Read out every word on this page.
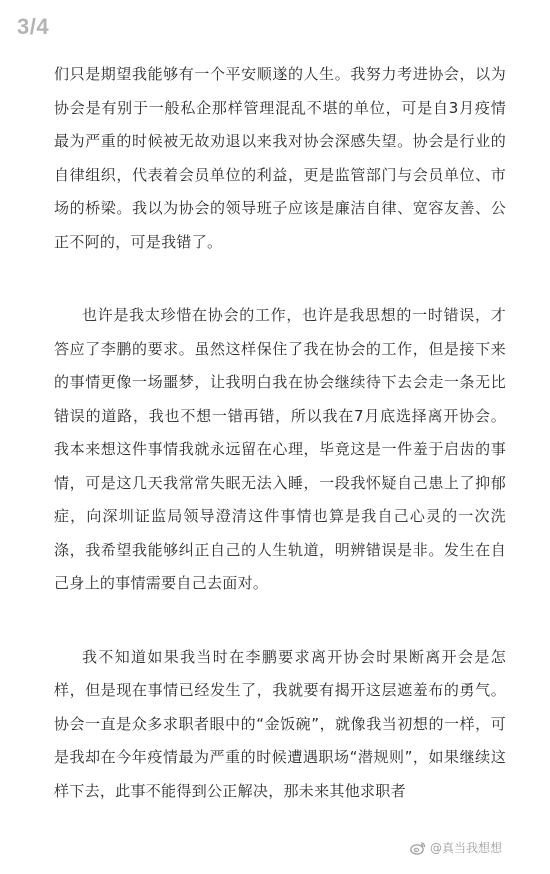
3/4

们只是期望我能够有一个平安顺遂的人生。我努力考进协会，以为协会是有别于一般私企那样管理混乱不堪的单位，可是自3月疫情最为严重的时候被无故劝退以来我对协会深感失望。协会是行业的自律组织，代表着会员单位的利益，更是监管部门与会员单位、市场的桥梁。我以为协会的领导班子应该是廉洁自律、宽容友善、公正不阿的，可是我错了。

也许是我太珍惜在协会的工作，也许是我思想的一时错误，才答应了李鹏的要求。虽然这样保住了我在协会的工作，但是接下来的事情更像一场噩梦，让我明白我在协会继续待下去会走一条无比错误的道路，我也不想一错再错，所以我在7月底选择离开协会。我本来想这件事情我就永远留在心理，毕竟这是一件羞于启齿的事情，可是这几天我常常失眠无法入睡，一段我怀疑自己患上了抑郁症，向深圳证监局领导澄清这件事情也算是我自己心灵的一次洗涤，我希望我能够纠正自己的人生轨道，明辨错误是非。发生在自己身上的事情需要自己去面对。

我不知道如果我当时在李鹏要求离开协会时果断离开会是怎样，但是现在事情已经发生了，我就要有揭开这层遮羞布的勇气。协会一直是众多求职者眼中的“金饭碗”，就像我当初想的一样，可是我却在今年疫情最为严重的时候遭遇职场“潜规则”，如果继续这样下去，此事不能得到公正解决，那未来其他求职者

@真当我想想
